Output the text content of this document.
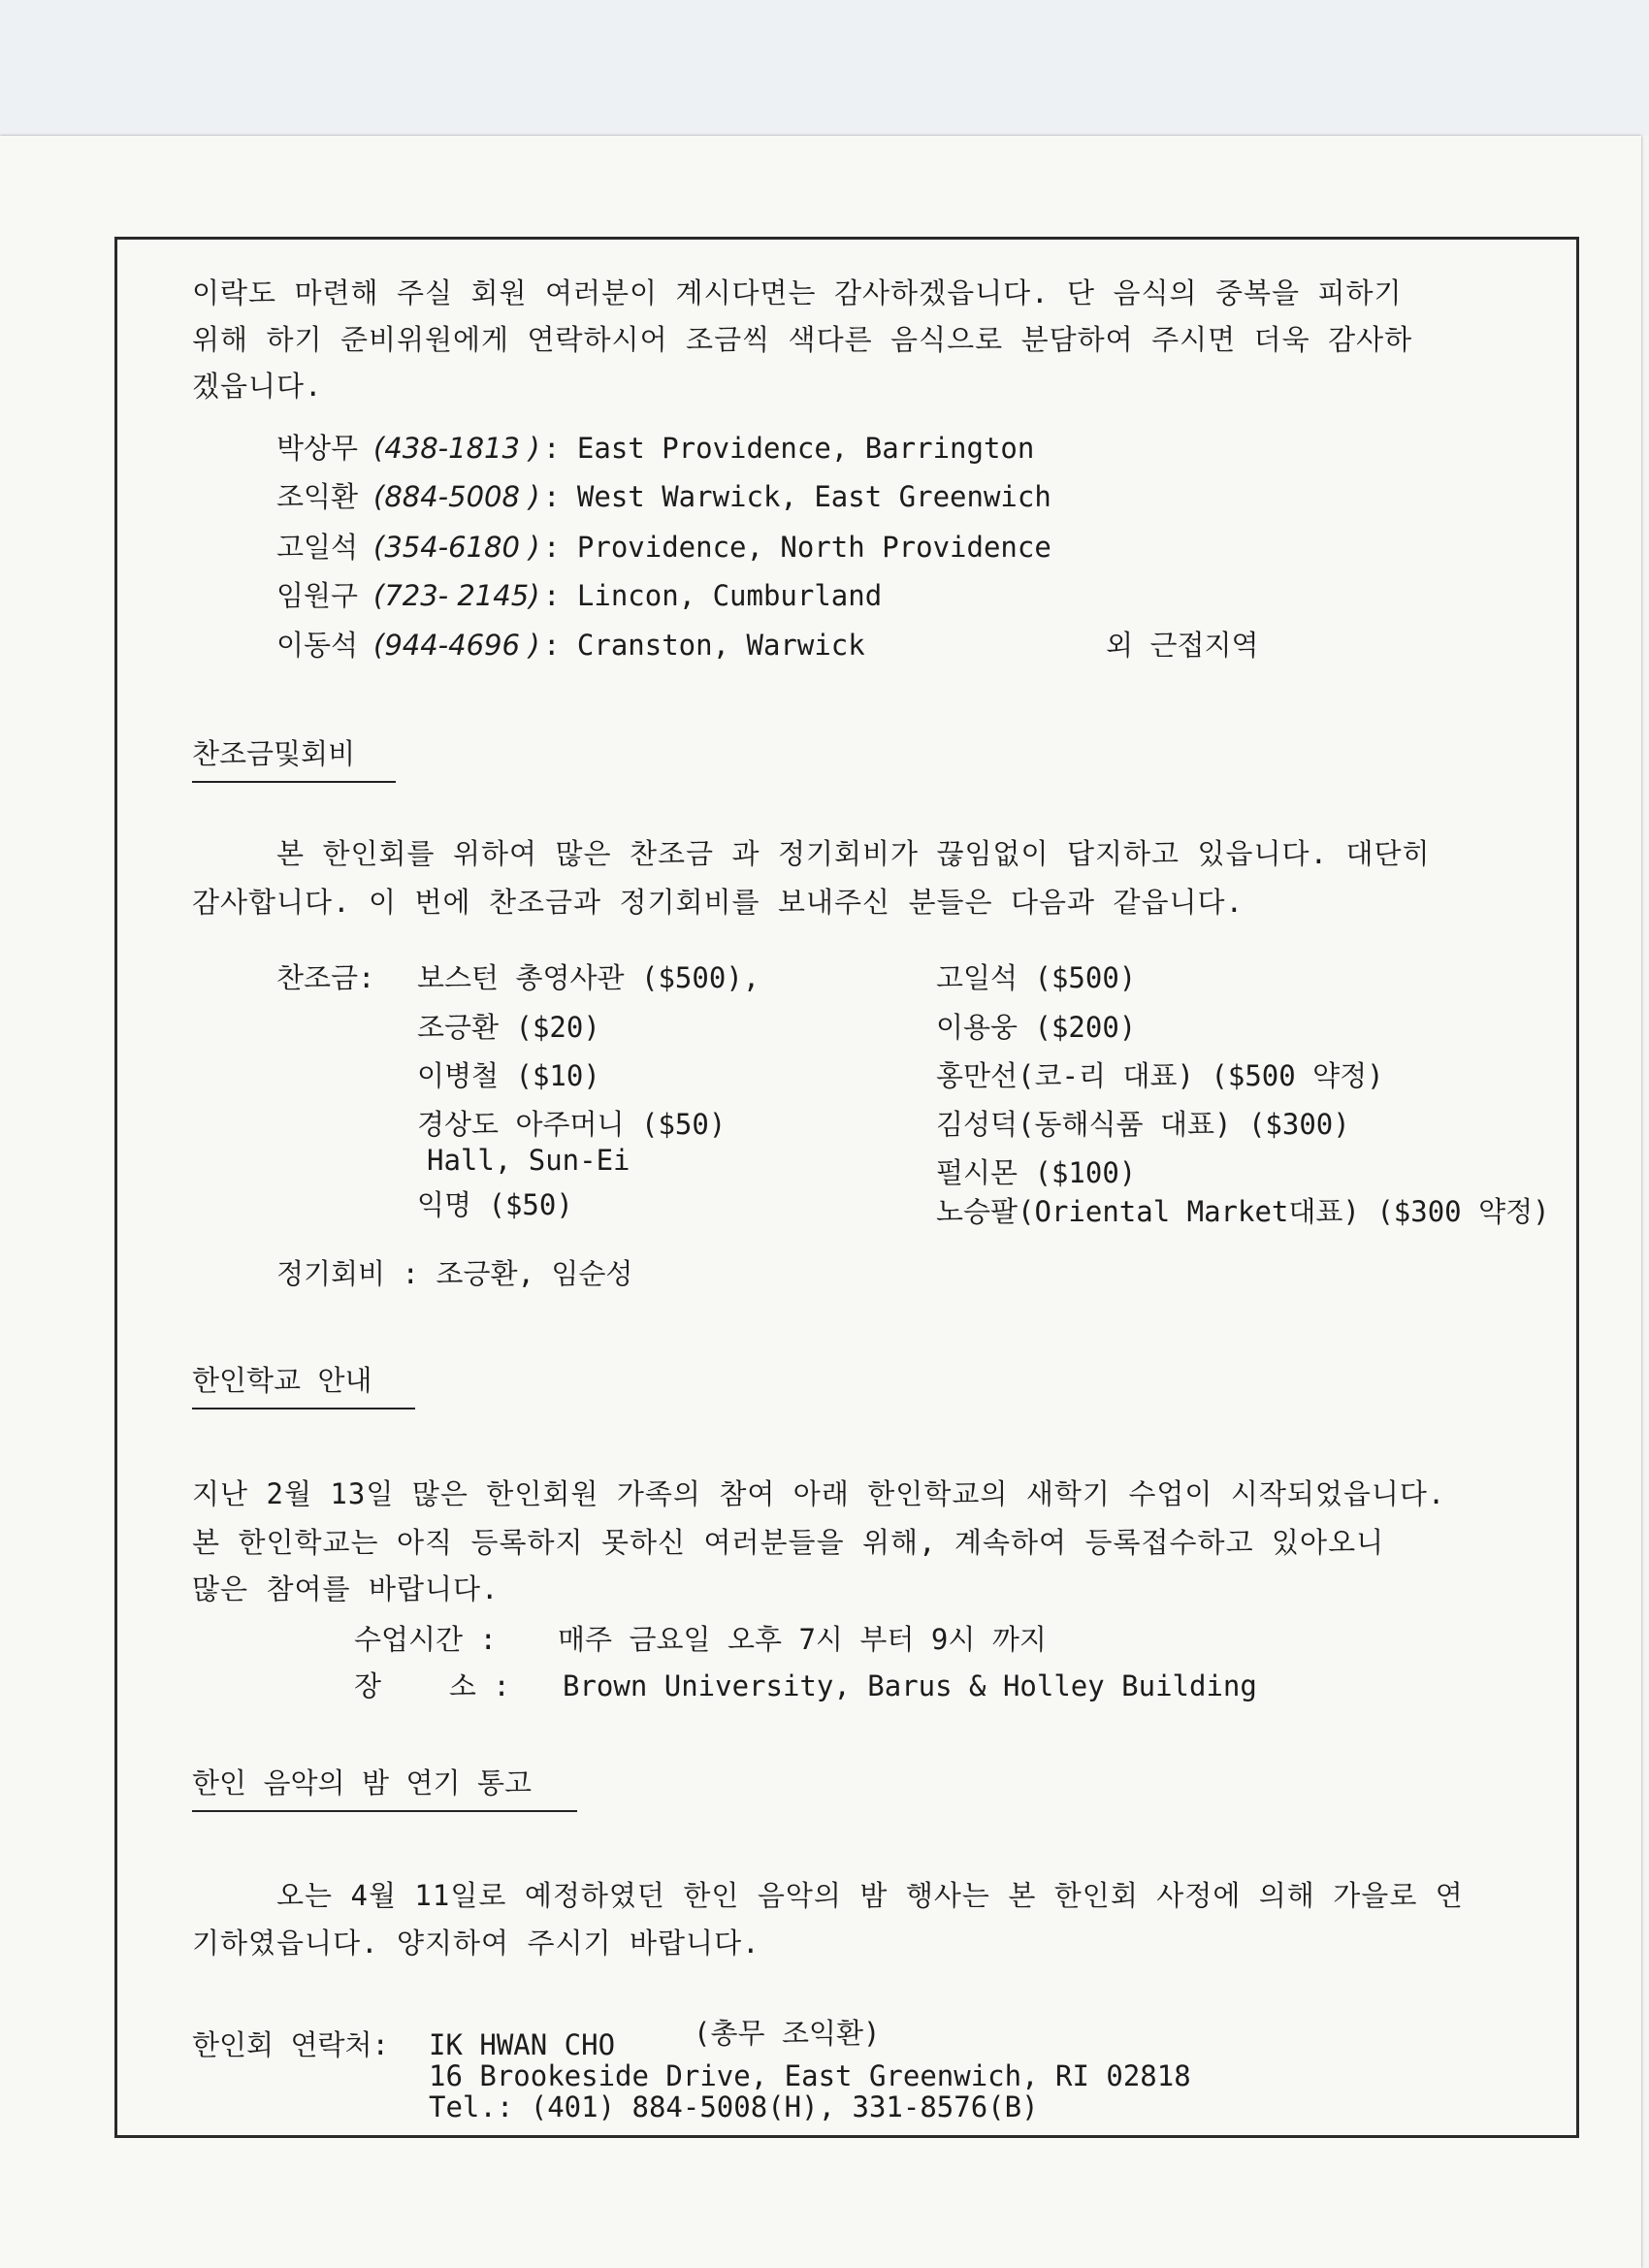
이락도 마련해 주실 회원 여러분이 계시다면는 감사하겠읍니다. 단 음식의 중복을 피하기
위해 하기 준비위원에게 연락하시어 조금씩 색다른 음식으로 분담하여 주시면 더욱 감사하
겠읍니다.
박상무 (438-1813 ) : East Providence, Barrington
조익환 (884-5008 ) : West Warwick, East Greenwich
고일석 (354-6180 ) : Providence, North Providence
임원구 (723- 2145) : Lincon, Cumburland
이동석 (944-4696 ) : Cranston, Warwick	외 근접지역
찬조금및회비
본 한인회를 위하여 많은 찬조금 과 정기회비가 끊임없이 답지하고 있읍니다. 대단히
감사합니다. 이 번에 찬조금과 정기회비를 보내주신 분들은 다음과 같읍니다.
찬조금: 보스턴 총영사관 ($500),
조긍환 ($20)
이병철 ($10)
경상도 아주머니 ($50)
Hall, Sun-Ei
익명 ($50)
고일석 ($500)
이용웅 ($200)
홍만선(코-리 대표) ($500 약정)
김성덕(동해식품 대표) ($300)
펄시몬 ($100)
노승팔(Oriental Market대표) ($300 약정)
정기회비 : 조긍환, 임순성
한인학교 안내
지난 2월 13일 많은 한인회원 가족의 참여 아래 한인학교의 새학기 수업이 시작되었읍니다.
본 한인학교는 아직 등록하지 못하신 여러분들을 위해, 계속하여 등록접수하고 있아오니
많은 참여를 바랍니다.
수업시간 : 매주 금요일 오후 7시 부터 9시 까지
장    소 : Brown University, Barus & Holley Building
한인 음악의 밤 연기 통고
오는 4월 11일로 예정하였던 한인 음악의 밤 행사는 본 한인회 사정에 의해 가을로 연
기하였읍니다. 양지하여 주시기 바랍니다.
한인회 연락처: IK HWAN CHO	(총무 조익환)
16 Brookeside Drive, East Greenwich, RI 02818
Tel.: (401) 884-5008(H), 331-8576(B)
